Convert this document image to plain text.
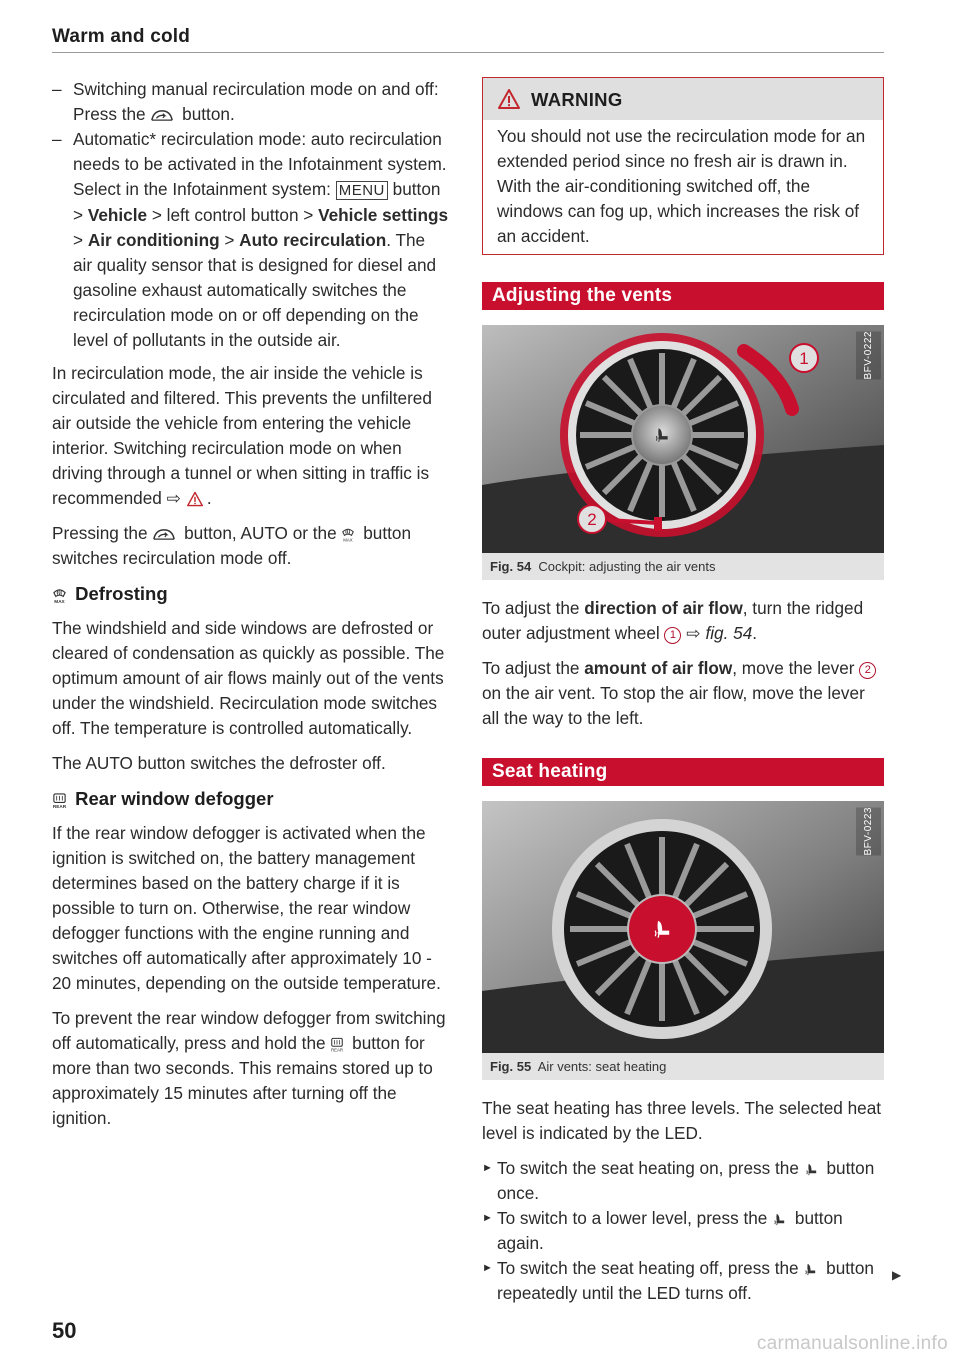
Warm and cold
– Switching manual recirculation mode on and off: Press the  button.
– Automatic* recirculation mode: auto recirculation needs to be activated in the Infotainment system. Select in the Infotainment system: MENU button > Vehicle > left control button > Vehicle settings > Air conditioning > Auto recirculation. The air quality sensor that is designed for diesel and gasoline exhaust automatically switches the recirculation mode on or off depending on the level of pollutants in the outside air.

In recirculation mode, the air inside the vehicle is circulated and filtered. This prevents the unfiltered air outside the vehicle from entering the vehicle interior. Switching recirculation mode on when driving through a tunnel or when sitting in traffic is recommended ⇨ .

Pressing the  button, AUTO or the  button switches recirculation mode off.

Defrosting

The windshield and side windows are defrosted or cleared of condensation as quickly as possible. The optimum amount of air flows mainly out of the vents under the windshield. Recirculation mode switches off. The temperature is controlled automatically.

The AUTO button switches the defroster off.

Rear window defogger

If the rear window defogger is activated when the ignition is switched on, the battery management determines based on the battery charge if it is possible to turn on. Otherwise, the rear window defogger functions with the engine running and switches off automatically after approximately 10 - 20 minutes, depending on the outside temperature.

To prevent the rear window defogger from switching off automatically, press and hold the  button for more than two seconds. This remains stored up to approximately 15 minutes after turning off the ignition.

WARNING
You should not use the recirculation mode for an extended period since no fresh air is drawn in. With the air-conditioning switched off, the windows can fog up, which increases the risk of an accident.
Adjusting the vents
1
2
BFV-0222
Fig. 54 Cockpit: adjusting the air vents

To adjust the direction of air flow, turn the ridged outer adjustment wheel 1 ⇨ fig. 54.

To adjust the amount of air flow, move the lever 2 on the air vent. To stop the air flow, move the lever all the way to the left.

Seat heating
BFV-0223
Fig. 55 Air vents: seat heating

The seat heating has three levels. The selected heat level is indicated by the LED.

► To switch the seat heating on, press the  button once.
► To switch to a lower level, press the  button again.
► To switch the seat heating off, press the  button repeatedly until the LED turns off.
▶
50
carmanualsonline.info
